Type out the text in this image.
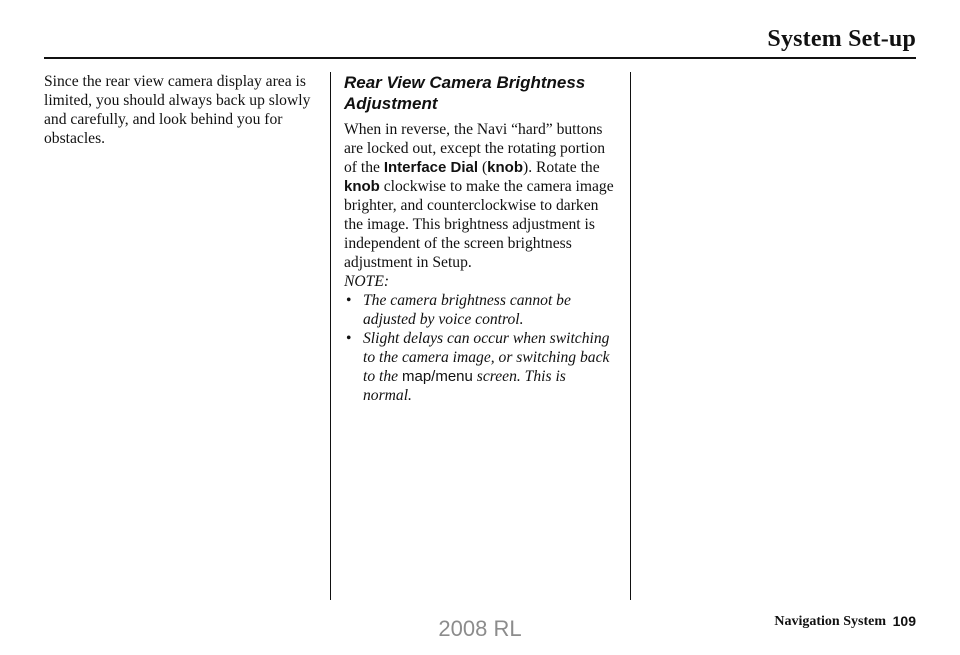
System Set-up

Since the rear view camera display area is limited, you should always back up slowly and carefully, and look behind you for obstacles.

Rear View Camera Brightness Adjustment

When in reverse, the Navi “hard” buttons are locked out, except the rotating portion of the Interface Dial (knob). Rotate the knob clockwise to make the camera image brighter, and counterclockwise to darken the image. This brightness adjustment is independent of the screen brightness adjustment in Setup.

NOTE:

• The camera brightness cannot be adjusted by voice control.
• Slight delays can occur when switching to the camera image, or switching back to the map/menu screen. This is normal.
Navigation System 109
2008 RL
